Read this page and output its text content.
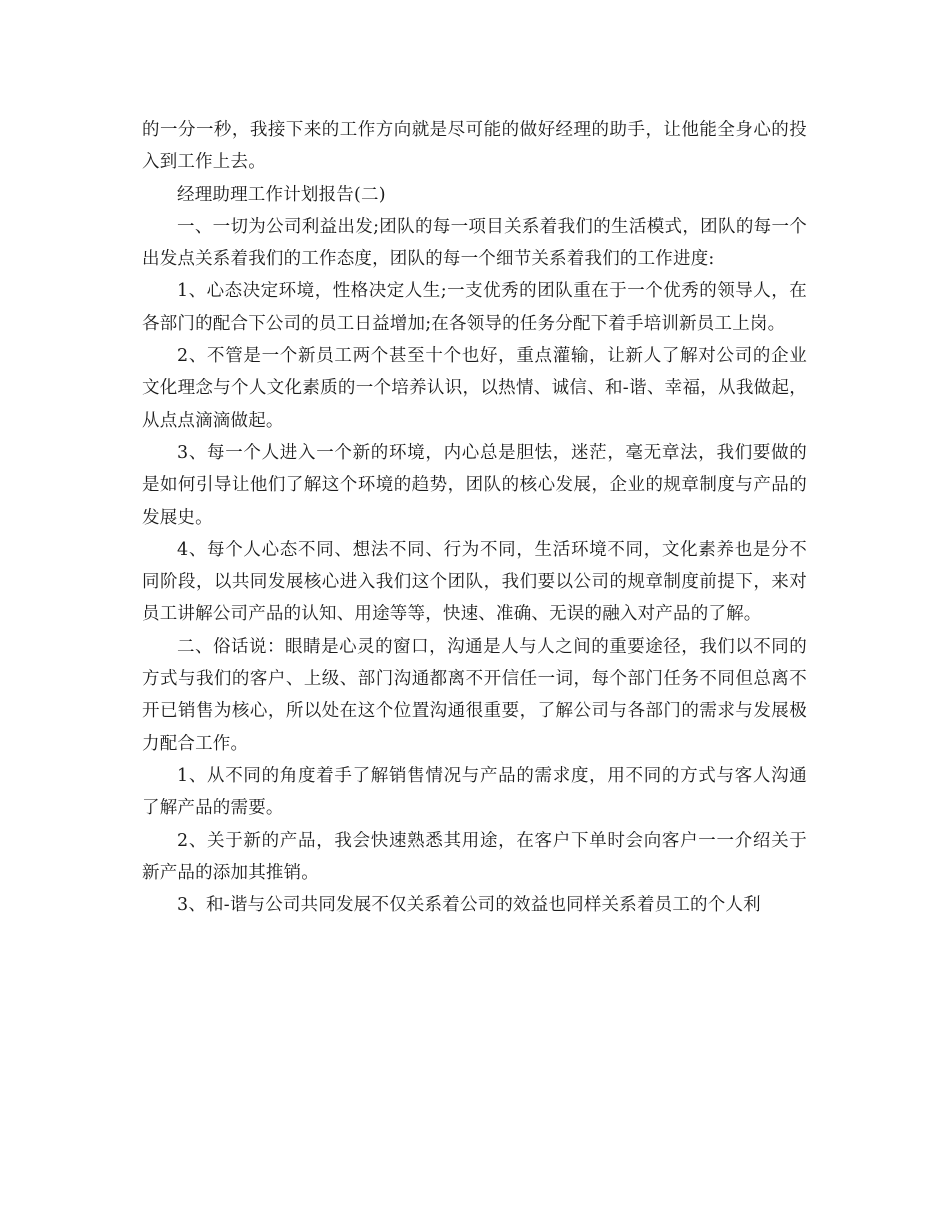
的一分一秒，我接下来的工作方向就是尽可能的做好经理的助手，让他能全身心的投入到工作上去。

经理助理工作计划报告(二)

一、一切为公司利益出发;团队的每一项目关系着我们的生活模式，团队的每一个出发点关系着我们的工作态度，团队的每一个细节关系着我们的工作进度:

1、心态决定环境，性格决定人生;一支优秀的团队重在于一个优秀的领导人，在各部门的配合下公司的员工日益增加;在各领导的任务分配下着手培训新员工上岗。

2、不管是一个新员工两个甚至十个也好，重点灌输，让新人了解对公司的企业文化理念与个人文化素质的一个培养认识，以热情、诚信、和-谐、幸福，从我做起，从点点滴滴做起。

3、每一个人进入一个新的环境，内心总是胆怯，迷茫，毫无章法，我们要做的是如何引导让他们了解这个环境的趋势，团队的核心发展，企业的规章制度与产品的发展史。

4、每个人心态不同、想法不同、行为不同，生活环境不同，文化素养也是分不同阶段，以共同发展核心进入我们这个团队，我们要以公司的规章制度前提下，来对员工讲解公司产品的认知、用途等等，快速、准确、无误的融入对产品的了解。

二、俗话说：眼睛是心灵的窗口，沟通是人与人之间的重要途径，我们以不同的方式与我们的客户、上级、部门沟通都离不开信任一词，每个部门任务不同但总离不开已销售为核心，所以处在这个位置沟通很重要，了解公司与各部门的需求与发展极力配合工作。

1、从不同的角度着手了解销售情况与产品的需求度，用不同的方式与客人沟通了解产品的需要。

2、关于新的产品，我会快速熟悉其用途，在客户下单时会向客户一一介绍关于新产品的添加其推销。

3、和-谐与公司共同发展不仅关系着公司的效益也同样关系着员工的个人利
